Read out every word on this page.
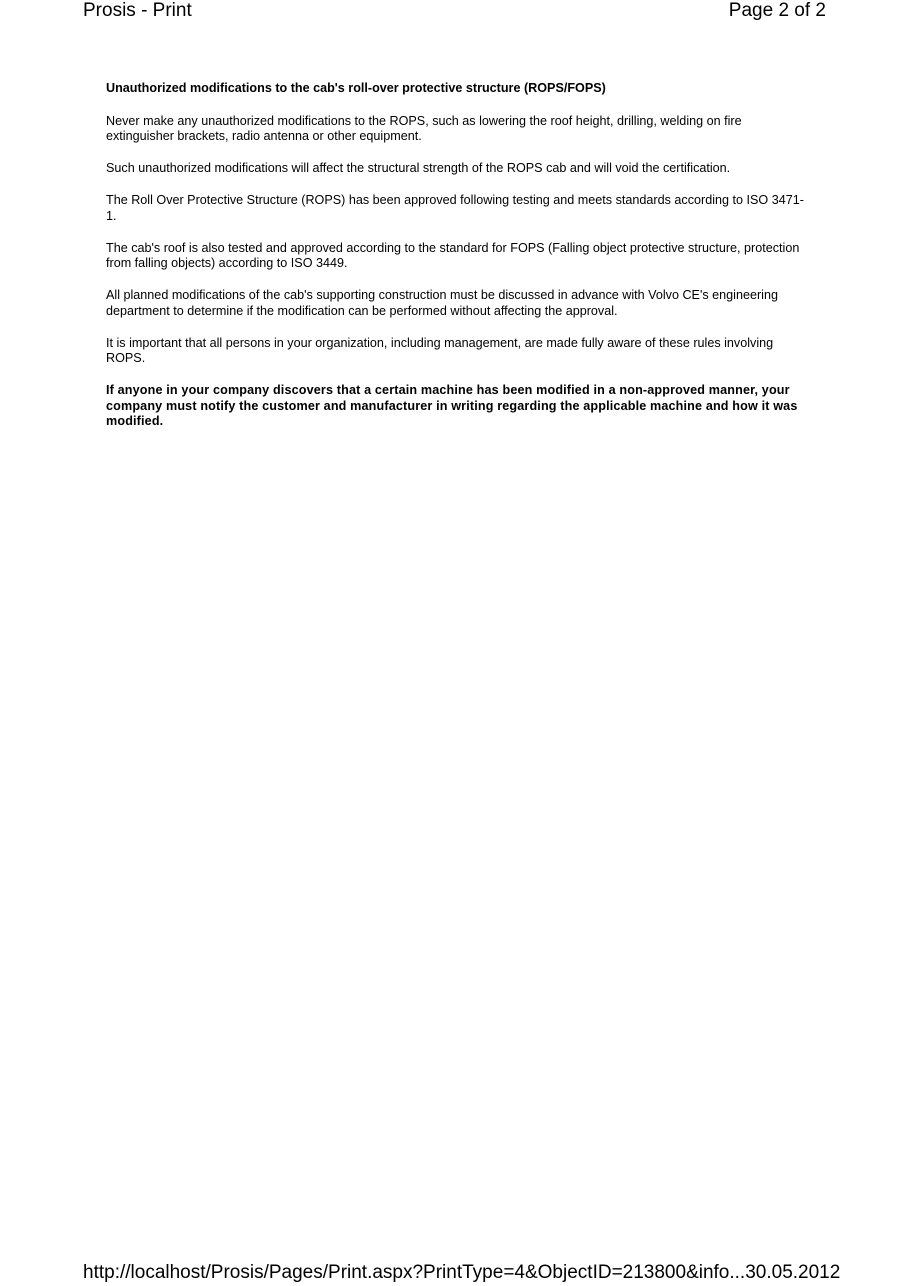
Prosis - Print	Page 2 of 2
Unauthorized modifications to the cab's roll-over protective structure (ROPS/FOPS)

Never make any unauthorized modifications to the ROPS, such as lowering the roof height, drilling, welding on fire extinguisher brackets, radio antenna or other equipment.

Such unauthorized modifications will affect the structural strength of the ROPS cab and will void the certification.

The Roll Over Protective Structure (ROPS) has been approved following testing and meets standards according to ISO 3471-1.

The cab's roof is also tested and approved according to the standard for FOPS (Falling object protective structure, protection from falling objects) according to ISO 3449.

All planned modifications of the cab's supporting construction must be discussed in advance with Volvo CE's engineering department to determine if the modification can be performed without affecting the approval.

It is important that all persons in your organization, including management, are made fully aware of these rules involving ROPS.

If anyone in your company discovers that a certain machine has been modified in a non-approved manner, your company must notify the customer and manufacturer in writing regarding the applicable machine and how it was modified.

http://localhost/Prosis/Pages/Print.aspx?PrintType=4&ObjectID=213800&info... 30.05.2012
